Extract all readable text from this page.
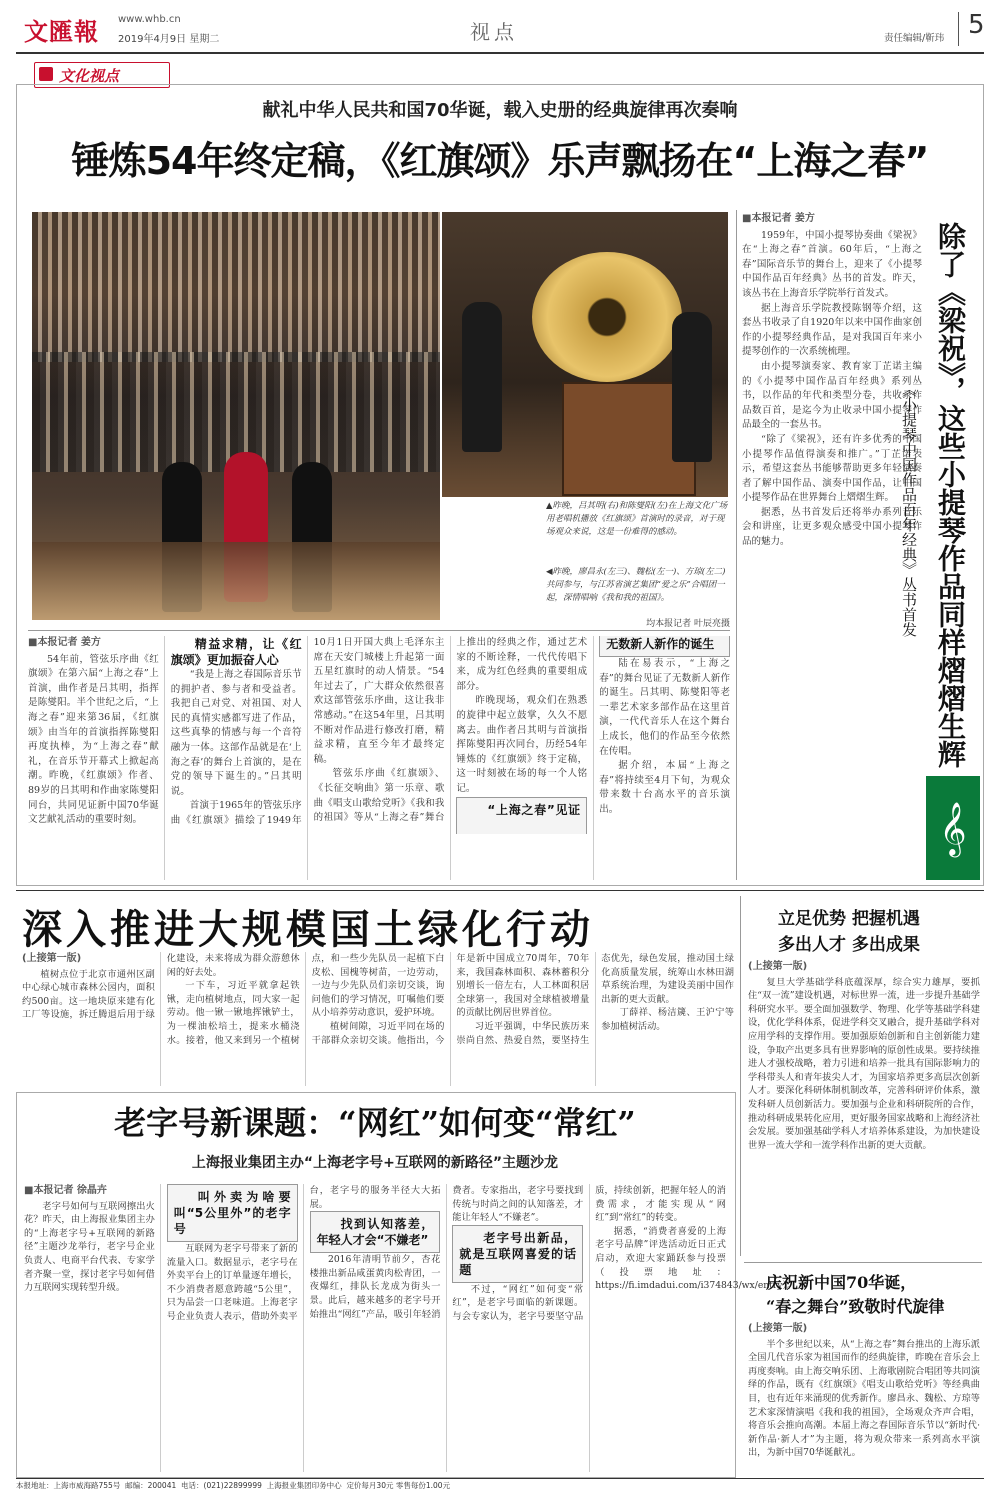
文匯報 www.whb.cn
2019年4月9日 星期二	视点	责任编辑/靳玮 5
文化视点
献礼中华人民共和国70华诞，载入史册的经典旋律再次奏响
锤炼54年终定稿，《红旗颂》乐声飘扬在“上海之春”
▲昨晚，吕其明(右)和陈燮阳(左)在上海文化广场用老唱机播放《红旗颂》首演时的录音，对于现场观众来说，这是一份难得的感动。
◀昨晚，廖昌永(左三)、魏松(左一)、方琼(左二)共同参与，与江苏省演艺集团“爱之乐”合唱团一起，深情唱响《我和我的祖国》。
均本报记者 叶辰亮摄
■本报记者 姜方

54年前，管弦乐序曲《红旗颂》在第六届“上海之春”上首演，曲作者是吕其明，指挥是陈燮阳。半个世纪之后，“上海之春”迎来第36届，《红旗颂》由当年的首演指挥陈燮阳再度执棒，为“上海之春”献礼，在音乐节开幕式上掀起高潮。昨晚，《红旗颂》作者、89岁的吕其明和作曲家陈燮阳同台，共同见证新中国70华诞文艺献礼活动的重要时刻。

精益求精，让《红旗颂》更加振奋人心

“我是上海之春国际音乐节的拥护者、参与者和受益者。我把自己对党、对祖国、对人民的真情实感都写进了作品，这些真挚的情感与每一个音符融为一体。这部作品就是在‘上海之春’的舞台上首演的，是在党的领导下诞生的。”吕其明说。

首演于1965年的管弦乐序曲《红旗颂》描绘了1949年10月1日开国大典上毛泽东主席在天安门城楼上升起第一面五星红旗时的动人情景。“54年过去了，广大群众依然很喜欢这部管弦乐序曲，这让我非常感动。”在这54年里，吕其明不断对作品进行修改打磨，精益求精，直至今年才最终定稿。

管弦乐序曲《红旗颂》、《长征交响曲》第一乐章、歌曲《唱支山歌给党听》《我和我的祖国》等从“上海之春”舞台上推出的经典之作，通过艺术家的不断诠释，一代代传唱下来，成为红色经典的重要组成部分。

昨晚现场，观众们在熟悉的旋律中起立鼓掌，久久不愿离去。曲作者吕其明与首演指挥陈燮阳再次同台，历经54年锤炼的《红旗颂》终于定稿，这一时刻被在场的每一个人铭记。

“上海之春”见证无数新人新作的诞生

陆在易表示，“上海之春”的舞台见证了无数新人新作的诞生。吕其明、陈燮阳等老一辈艺术家多部作品在这里首演，一代代音乐人在这个舞台上成长，他们的作品至今依然在传唱。

据介绍，本届“上海之春”将持续至4月下旬，为观众带来数十台高水平的音乐演出。

■本报记者 姜方

1959年，中国小提琴协奏曲《梁祝》在“上海之春”首演。60年后，“上海之春”国际音乐节的舞台上，迎来了《小提琴中国作品百年经典》丛书的首发。昨天，该丛书在上海音乐学院举行首发式。

据上海音乐学院教授陈钢等介绍，这套丛书收录了自1920年以来中国作曲家创作的小提琴经典作品，是对我国百年来小提琴创作的一次系统梳理。

由小提琴演奏家、教育家丁芷诺主编的《小提琴中国作品百年经典》系列丛书，以作品的年代和类型分卷，共收录作品数百首，是迄今为止收录中国小提琴作品最全的一套丛书。

“除了《梁祝》，还有许多优秀的中国小提琴作品值得演奏和推广。”丁芷诺表示，希望这套丛书能够帮助更多年轻演奏者了解中国作品、演奏中国作品，让中国小提琴作品在世界舞台上熠熠生辉。

据悉，丛书首发后还将举办系列音乐会和讲座，让更多观众感受中国小提琴作品的魅力。	除了《梁祝》，这些小提琴作品同样熠熠生辉
《小提琴中国作品百年经典》丛书首发
𝄞
深入推进大规模国土绿化行动
(上接第一版)

植树点位于北京市通州区副中心绿心城市森林公园内，面积约500亩。这一地块原来建有化工厂等设施，拆迁腾退后用于绿化建设，未来将成为群众游憩休闲的好去处。

一下车，习近平就拿起铁锹，走向植树地点，同大家一起劳动。他一锹一锹地挥锹铲土，为一棵油松培土，提来水桶浇水。接着，他又来到另一个植树点，和一些少先队员一起植下白皮松、国槐等树苗，一边劳动，一边与少先队员们亲切交谈，询问他们的学习情况，叮嘱他们要从小培养劳动意识，爱护环境。

植树间隙，习近平同在场的干部群众亲切交谈。他指出，今年是新中国成立70周年，70年来，我国森林面积、森林蓄积分别增长一倍左右，人工林面积居全球第一，我国对全球植被增量的贡献比例居世界首位。

习近平强调，中华民族历来崇尚自然、热爱自然，要坚持生态优先，绿色发展，推动国土绿化高质量发展，统筹山水林田湖草系统治理，为建设美丽中国作出新的更大贡献。

丁薛祥、杨洁篪、王沪宁等参加植树活动。

立足优势 把握机遇
多出人才 多出成果
(上接第一版)

复旦大学基础学科底蕴深厚，综合实力雄厚，要抓住“双一流”建设机遇，对标世界一流，进一步提升基础学科研究水平。要全面加强数学、物理、化学等基础学科建设，优化学科体系，促进学科交叉融合，提升基础学科对应用学科的支撑作用。要加强原始创新和自主创新能力建设，争取产出更多具有世界影响的原创性成果。要持续推进人才强校战略，着力引进和培养一批具有国际影响力的学科带头人和青年拔尖人才，为国家培养更多高层次创新人才。要深化科研体制机制改革，完善科研评价体系，激发科研人员创新活力。要加强与企业和科研院所的合作，推动科研成果转化应用，更好服务国家战略和上海经济社会发展。要加强基础学科人才培养体系建设，为加快建设世界一流大学和一流学科作出新的更大贡献。

老字号新课题：“网红”如何变“常红”
上海报业集团主办“上海老字号+互联网的新路径”主题沙龙
■本报记者 徐晶卉

老字号如何与互联网擦出火花？昨天，由上海报业集团主办的“上海老字号+互联网的新路径”主题沙龙举行，老字号企业负责人、电商平台代表、专家学者齐聚一堂，探讨老字号如何借力互联网实现转型升级。

叫外卖为啥要叫“5公里外”的老字号

互联网为老字号带来了新的流量入口。数据显示，老字号在外卖平台上的订单量逐年增长，不少消费者愿意跨越“5公里”，只为品尝一口老味道。上海老字号企业负责人表示，借助外卖平台，老字号的服务半径大大拓展。

找到认知落差，年轻人才会“不嫌老”

2016年清明节前夕，杏花楼推出新品咸蛋黄肉松青团，一夜爆红，排队长龙成为街头一景。此后，越来越多的老字号开始推出“网红”产品，吸引年轻消费者。专家指出，老字号要找到传统与时尚之间的认知落差，才能让年轻人“不嫌老”。

老字号出新品，就是互联网喜爱的话题

不过，“网红”如何变“常红”，是老字号面临的新课题。与会专家认为，老字号要坚守品质，持续创新，把握年轻人的消费需求，才能实现从“网红”到“常红”的转变。

据悉，“消费者喜爱的上海老字号品牌”评选活动近日正式启动，欢迎大家踊跃参与投票（投票地址：https://fi.imdadui.com/i374843/wx/entry）。

庆祝新中国70华诞，
“春之舞台”致敬时代旋律
(上接第一版)

半个多世纪以来，从“上海之春”舞台推出的上海乐派全国几代音乐家为祖国而作的经典旋律，昨晚在音乐会上再度奏响。由上海交响乐团、上海歌剧院合唱团等共同演绎的作品，既有《红旗颂》《唱支山歌给党听》等经典曲目，也有近年来涌现的优秀新作。廖昌永、魏松、方琼等艺术家深情演唱《我和我的祖国》，全场观众齐声合唱，将音乐会推向高潮。本届上海之春国际音乐节以“新时代·新作品·新人才”为主题，将为观众带来一系列高水平演出，为新中国70华诞献礼。

本报地址：上海市威海路755号 邮编：200041 电话：(021)22899999 上海报业集团印务中心 定价每月30元 零售每份1.00元
